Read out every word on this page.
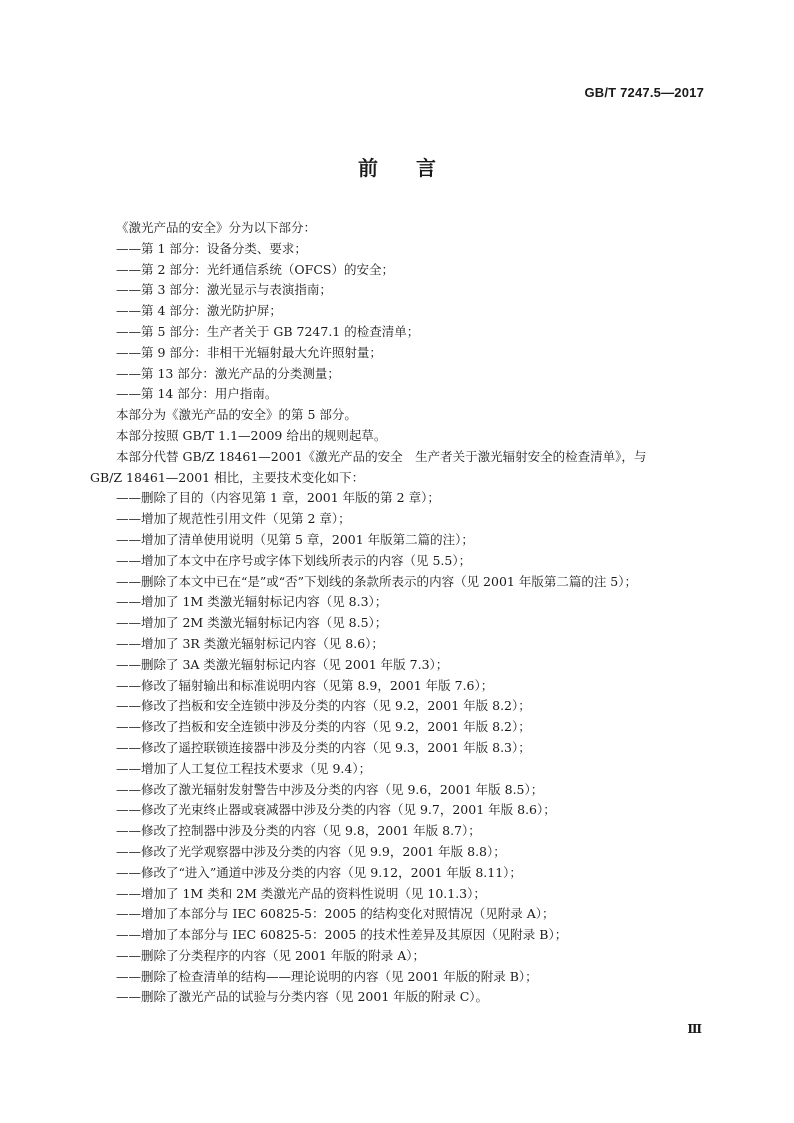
GB/T 7247.5—2017
前言
《激光产品的安全》分为以下部分：
——第 1 部分：设备分类、要求；
——第 2 部分：光纤通信系统（OFCS）的安全；
——第 3 部分：激光显示与表演指南；
——第 4 部分：激光防护屏；
——第 5 部分：生产者关于 GB 7247.1 的检查清单；
——第 9 部分：非相干光辐射最大允许照射量；
——第 13 部分：激光产品的分类测量；
——第 14 部分：用户指南。
本部分为《激光产品的安全》的第 5 部分。
本部分按照 GB/T 1.1—2009 给出的规则起草。
本部分代替 GB/Z 18461—2001《激光产品的安全　生产者关于激光辐射安全的检查清单》，与
GB/Z 18461—2001 相比，主要技术变化如下：
——删除了目的（内容见第 1 章，2001 年版的第 2 章）；
——增加了规范性引用文件（见第 2 章）；
——增加了清单使用说明（见第 5 章，2001 年版第二篇的注）；
——增加了本文中在序号或字体下划线所表示的内容（见 5.5）；
——删除了本文中已在“是”或“否”下划线的条款所表示的内容（见 2001 年版第二篇的注 5）；
——增加了 1M 类激光辐射标记内容（见 8.3）；
——增加了 2M 类激光辐射标记内容（见 8.5）；
——增加了 3R 类激光辐射标记内容（见 8.6）；
——删除了 3A 类激光辐射标记内容（见 2001 年版 7.3）；
——修改了辐射输出和标准说明内容（见第 8.9，2001 年版 7.6）；
——修改了挡板和安全连锁中涉及分类的内容（见 9.2，2001 年版 8.2）；
——修改了挡板和安全连锁中涉及分类的内容（见 9.2，2001 年版 8.2）；
——修改了遥控联锁连接器中涉及分类的内容（见 9.3，2001 年版 8.3）；
——增加了人工复位工程技术要求（见 9.4）；
——修改了激光辐射发射警告中涉及分类的内容（见 9.6，2001 年版 8.5）；
——修改了光束终止器或衰减器中涉及分类的内容（见 9.7，2001 年版 8.6）；
——修改了控制器中涉及分类的内容（见 9.8，2001 年版 8.7）；
——修改了光学观察器中涉及分类的内容（见 9.9，2001 年版 8.8）；
——修改了“进入”通道中涉及分类的内容（见 9.12，2001 年版 8.11）；
——增加了 1M 类和 2M 类激光产品的资料性说明（见 10.1.3）；
——增加了本部分与 IEC 60825-5：2005 的结构变化对照情况（见附录 A）；
——增加了本部分与 IEC 60825-5：2005 的技术性差异及其原因（见附录 B）；
——删除了分类程序的内容（见 2001 年版的附录 A）；
——删除了检查清单的结构——理论说明的内容（见 2001 年版的附录 B）；
——删除了激光产品的试验与分类内容（见 2001 年版的附录 C）。
Ⅲ
